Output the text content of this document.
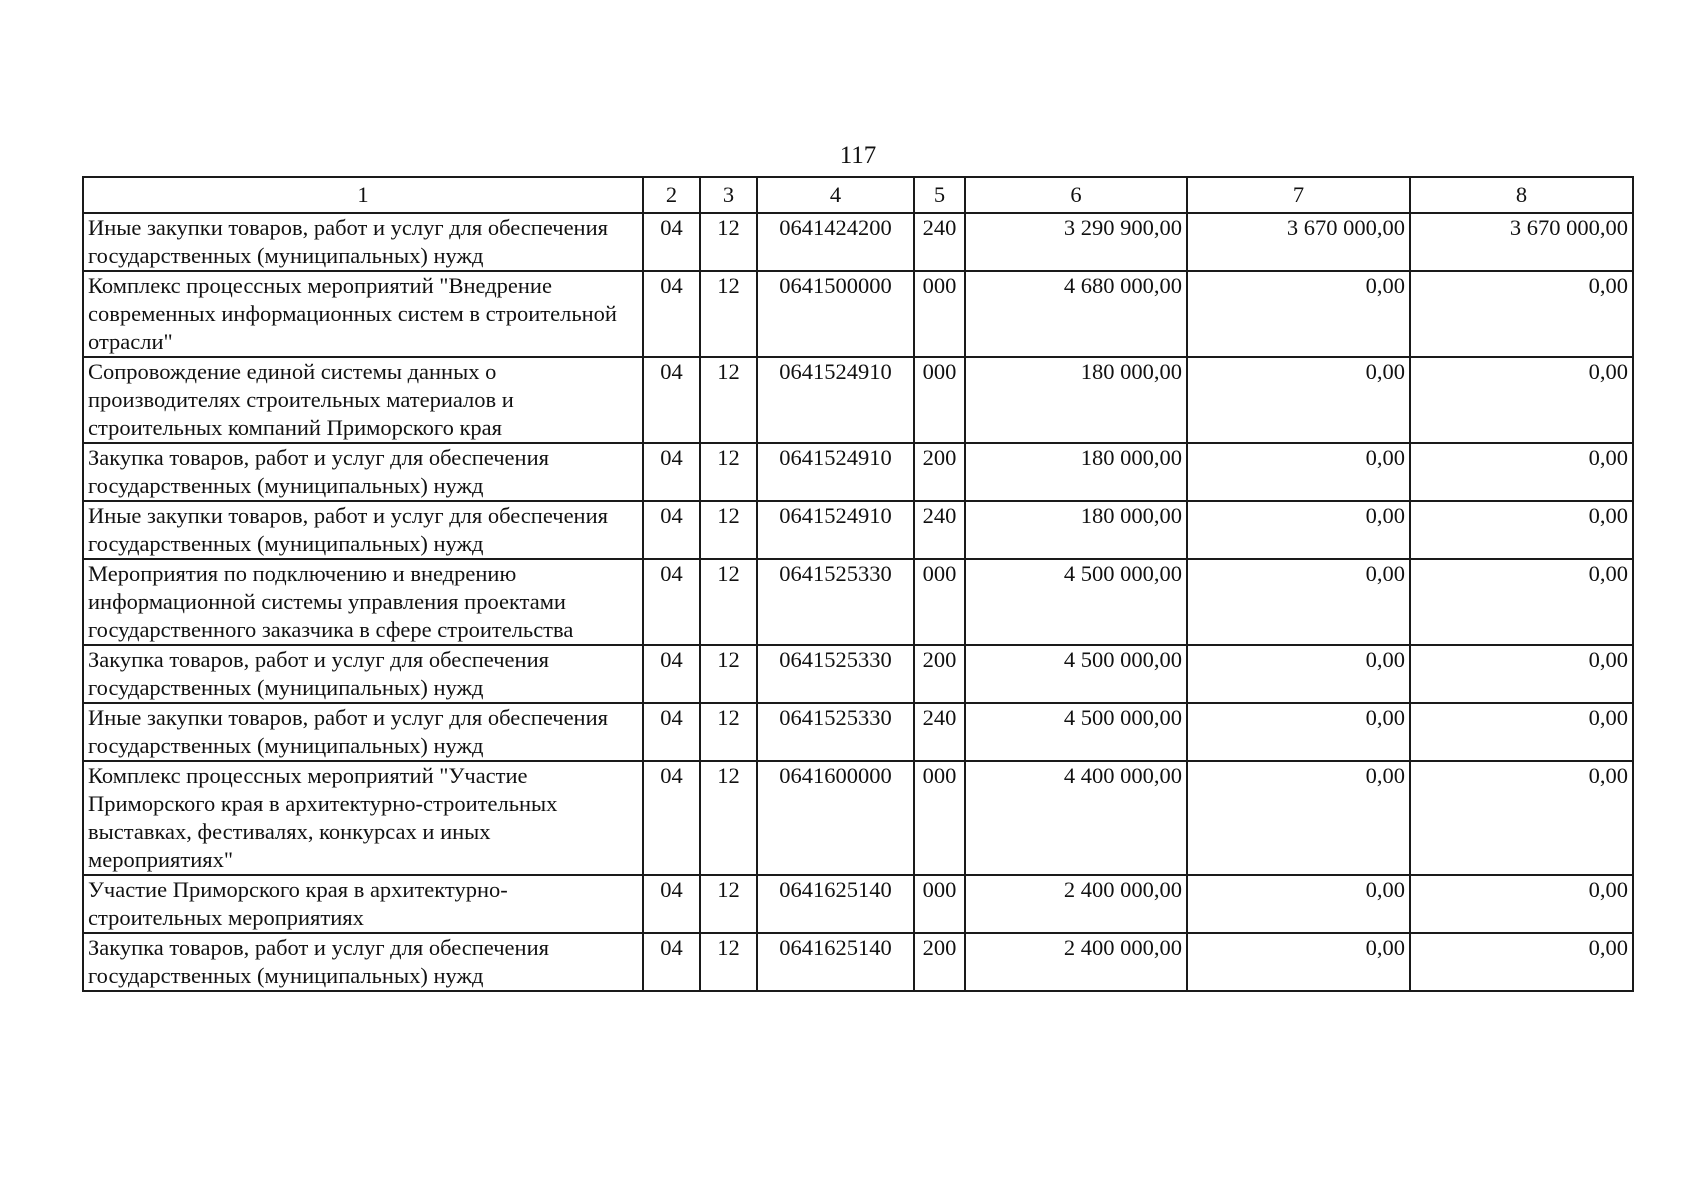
117
1	2	3	4	5	6	7	8
Иные закупки товаров, работ и услуг для обеспечения государственных (муниципальных) нужд	04	12	0641424200	240	3 290 900,00	3 670 000,00	3 670 000,00
Комплекс процессных мероприятий "Внедрение современных информационных систем в строительной отрасли"	04	12	0641500000	000	4 680 000,00	0,00	0,00
Сопровождение единой системы данных о производителях строительных материалов и строительных компаний Приморского края	04	12	0641524910	000	180 000,00	0,00	0,00
Закупка товаров, работ и услуг для обеспечения государственных (муниципальных) нужд	04	12	0641524910	200	180 000,00	0,00	0,00
Иные закупки товаров, работ и услуг для обеспечения государственных (муниципальных) нужд	04	12	0641524910	240	180 000,00	0,00	0,00
Мероприятия по подключению и внедрению информационной системы управления проектами государственного заказчика в сфере строительства	04	12	0641525330	000	4 500 000,00	0,00	0,00
Закупка товаров, работ и услуг для обеспечения государственных (муниципальных) нужд	04	12	0641525330	200	4 500 000,00	0,00	0,00
Иные закупки товаров, работ и услуг для обеспечения государственных (муниципальных) нужд	04	12	0641525330	240	4 500 000,00	0,00	0,00
Комплекс процессных мероприятий "Участие Приморского края в архитектурно-строительных выставках, фестивалях, конкурсах и иных мероприятиях"	04	12	0641600000	000	4 400 000,00	0,00	0,00
Участие Приморского края в архитектурно-строительных мероприятиях	04	12	0641625140	000	2 400 000,00	0,00	0,00
Закупка товаров, работ и услуг для обеспечения государственных (муниципальных) нужд	04	12	0641625140	200	2 400 000,00	0,00	0,00
